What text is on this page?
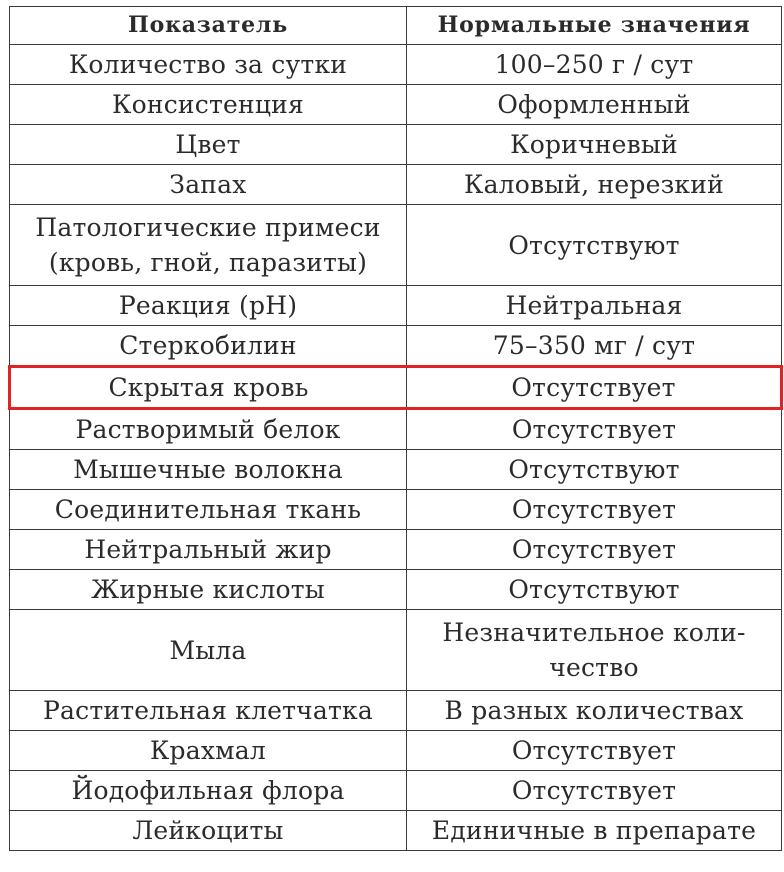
Показатель	Нормальные значения

Количество за сутки	100–250 г / сут

Консистенция	Оформленный

Цвет	Коричневый

Запах	Каловый, нерезкий

Патологические примеси
(кровь, гной, паразиты)	Отсутствуют

Реакция (pH)	Нейтральная

Стеркобилин	75–350 мг / сут

Скрытая кровь	Отсутствует

Растворимый белок	Отсутствует

Мышечные волокна	Отсутствуют

Соединительная ткань	Отсутствует

Нейтральный жир	Отсутствует

Жирные кислоты	Отсутствуют

Мыла	Незначительное коли-
чество

Растительная клетчатка	В разных количествах

Крахмал	Отсутствует

Йодофильная флора	Отсутствует

Лейкоциты	Единичные в препарате
